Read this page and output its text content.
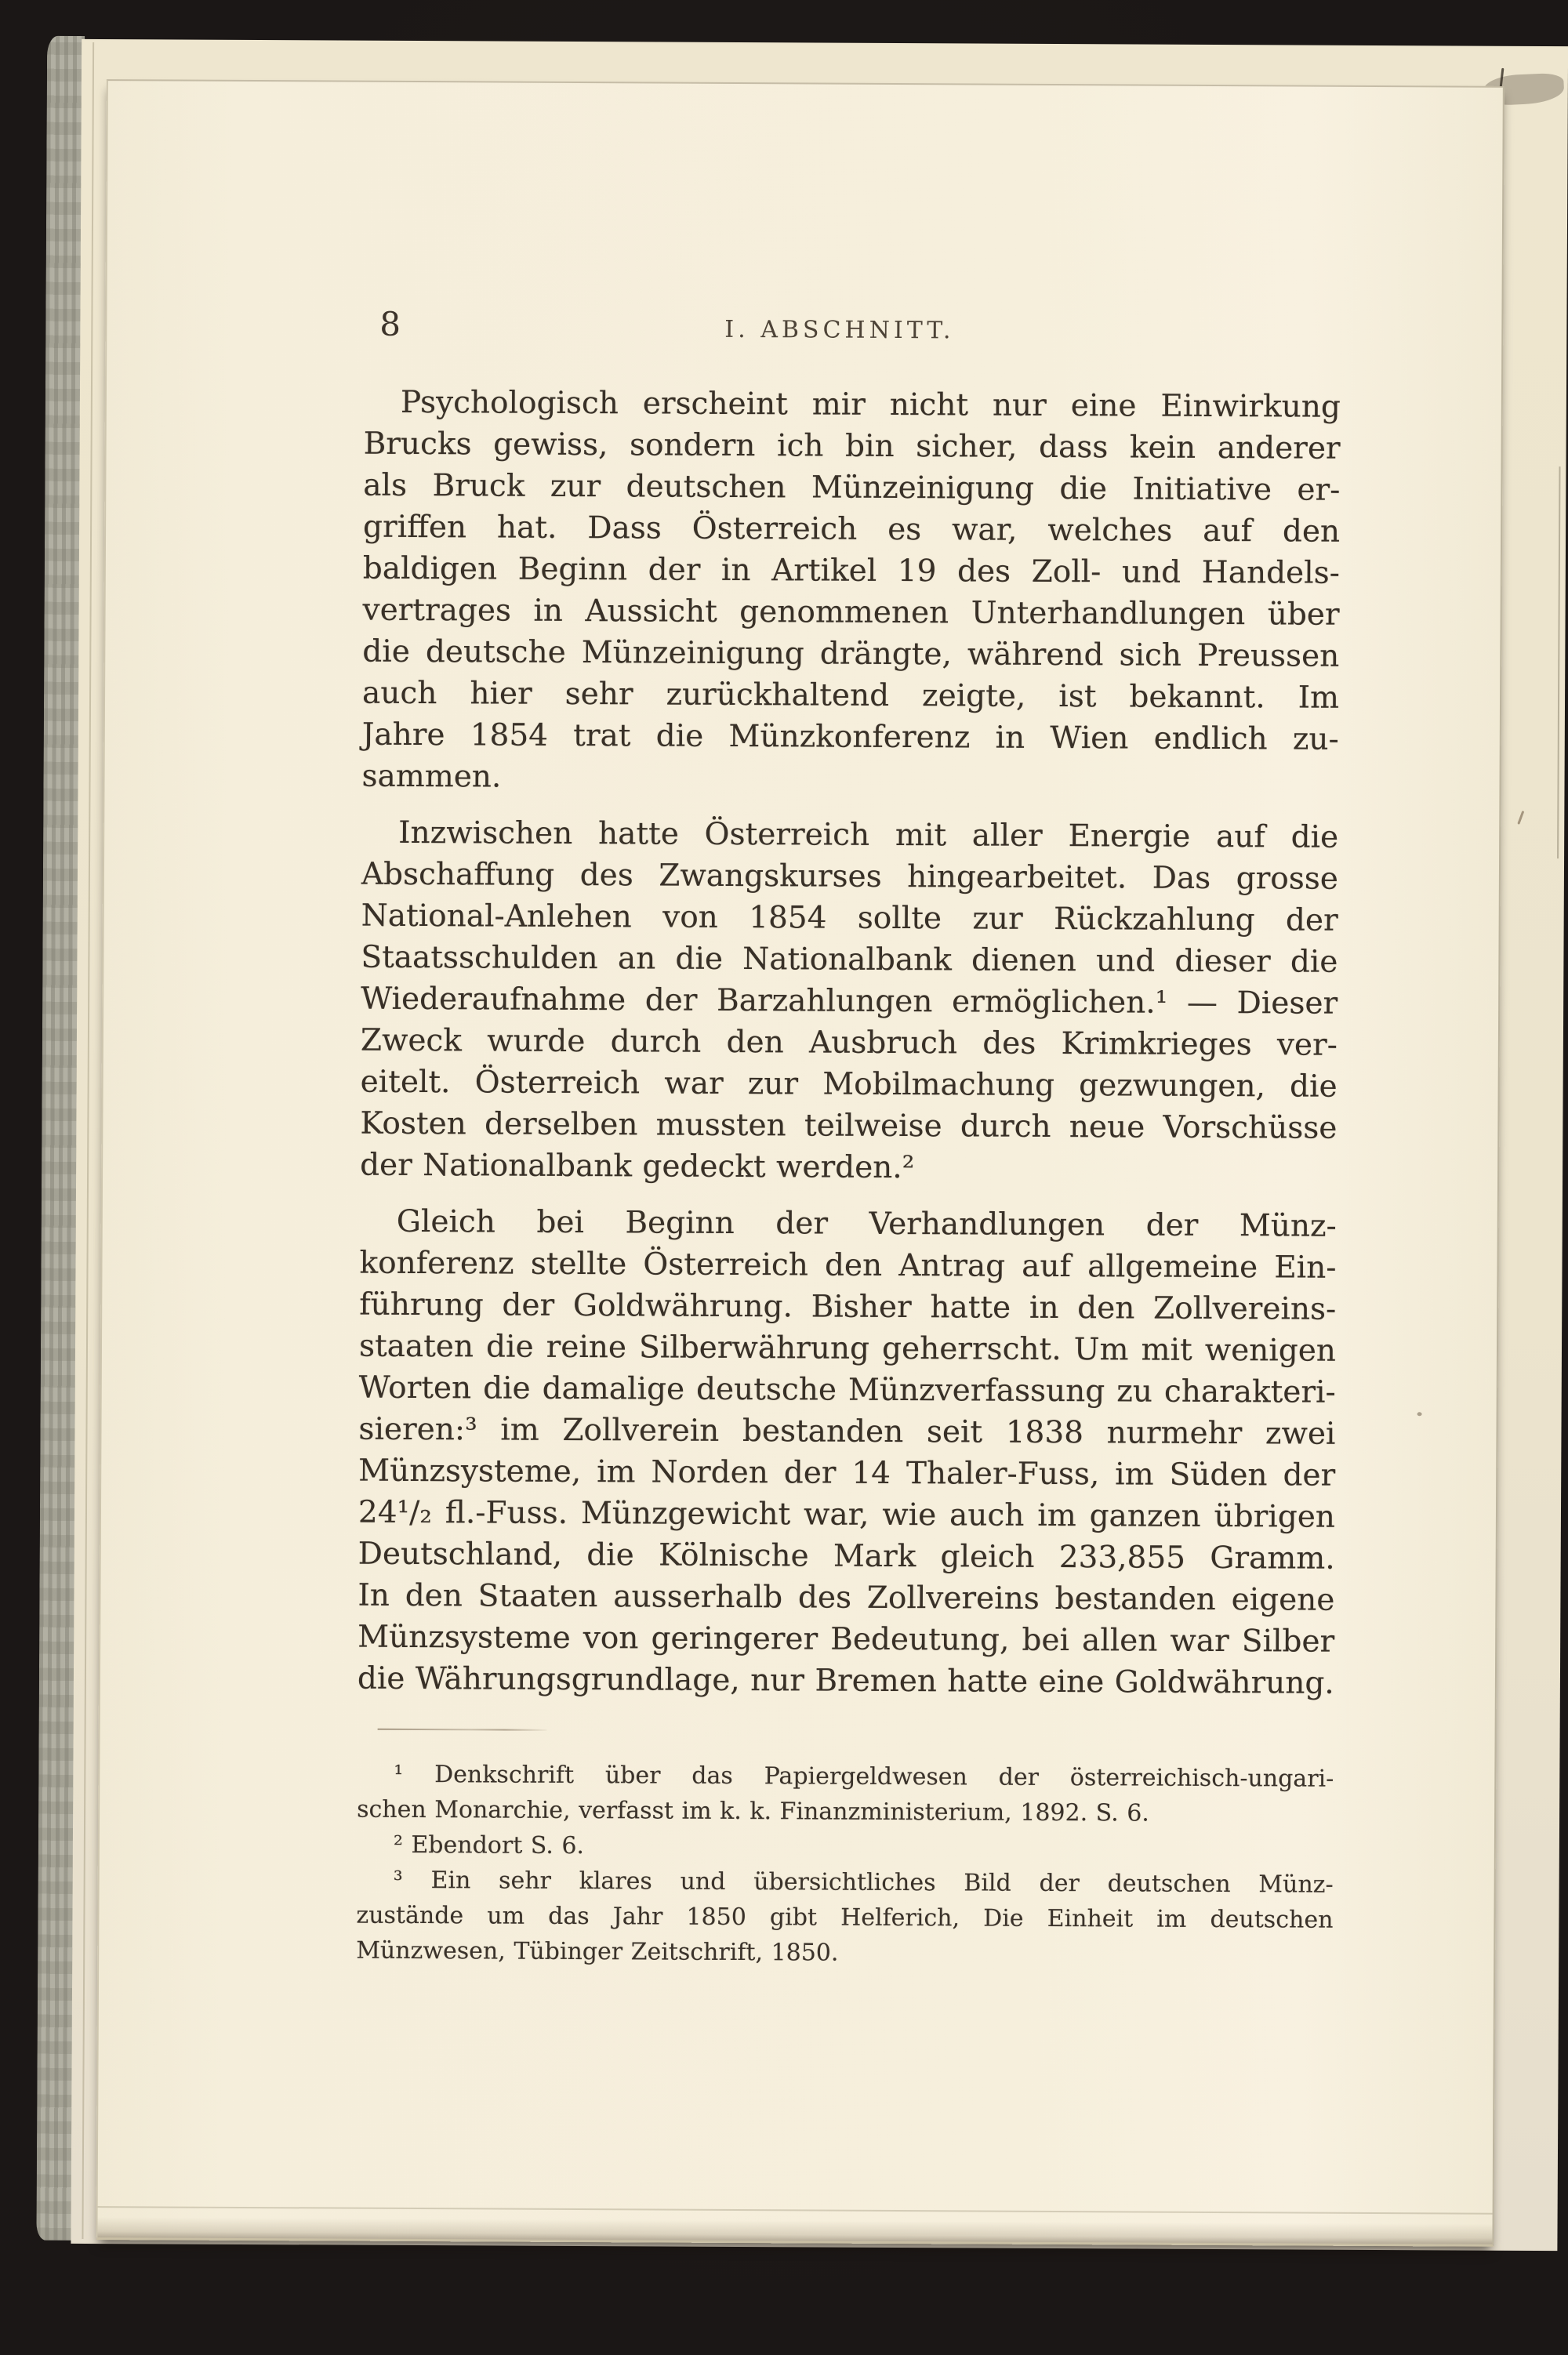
8	I. ABSCHNITT.
Psychologisch erscheint mir nicht nur eine Einwirkung
Brucks gewiss, sondern ich bin sicher, dass kein anderer
als Bruck zur deutschen Münzeinigung die Initiative er-
griffen hat. Dass Österreich es war, welches auf den
baldigen Beginn der in Artikel 19 des Zoll- und Handels-
vertrages in Aussicht genommenen Unterhandlungen über
die deutsche Münzeinigung drängte, während sich Preussen
auch hier sehr zurückhaltend zeigte, ist bekannt. Im
Jahre 1854 trat die Münzkonferenz in Wien endlich zu-
sammen.
Inzwischen hatte Österreich mit aller Energie auf die
Abschaffung des Zwangskurses hingearbeitet. Das grosse
National-Anlehen von 1854 sollte zur Rückzahlung der
Staatsschulden an die Nationalbank dienen und dieser die
Wiederaufnahme der Barzahlungen ermöglichen.¹ — Dieser
Zweck wurde durch den Ausbruch des Krimkrieges ver-
eitelt. Österreich war zur Mobilmachung gezwungen, die
Kosten derselben mussten teilweise durch neue Vorschüsse
der Nationalbank gedeckt werden.²
Gleich bei Beginn der Verhandlungen der Münz-
konferenz stellte Österreich den Antrag auf allgemeine Ein-
führung der Goldwährung. Bisher hatte in den Zollvereins-
staaten die reine Silberwährung geherrscht. Um mit wenigen
Worten die damalige deutsche Münzverfassung zu charakteri-
sieren:³ im Zollverein bestanden seit 1838 nurmehr zwei
Münzsysteme, im Norden der 14 Thaler-Fuss, im Süden der
24¹/₂ fl.-Fuss. Münzgewicht war, wie auch im ganzen übrigen
Deutschland, die Kölnische Mark gleich 233,855 Gramm.
In den Staaten ausserhalb des Zollvereins bestanden eigene
Münzsysteme von geringerer Bedeutung, bei allen war Silber
die Währungsgrundlage, nur Bremen hatte eine Goldwährung.
¹ Denkschrift über das Papiergeldwesen der österreichisch-ungari-
schen Monarchie, verfasst im k. k. Finanzministerium, 1892. S. 6.
² Ebendort S. 6.
³ Ein sehr klares und übersichtliches Bild der deutschen Münz-
zustände um das Jahr 1850 gibt Helferich, Die Einheit im deutschen
Münzwesen, Tübinger Zeitschrift, 1850.
